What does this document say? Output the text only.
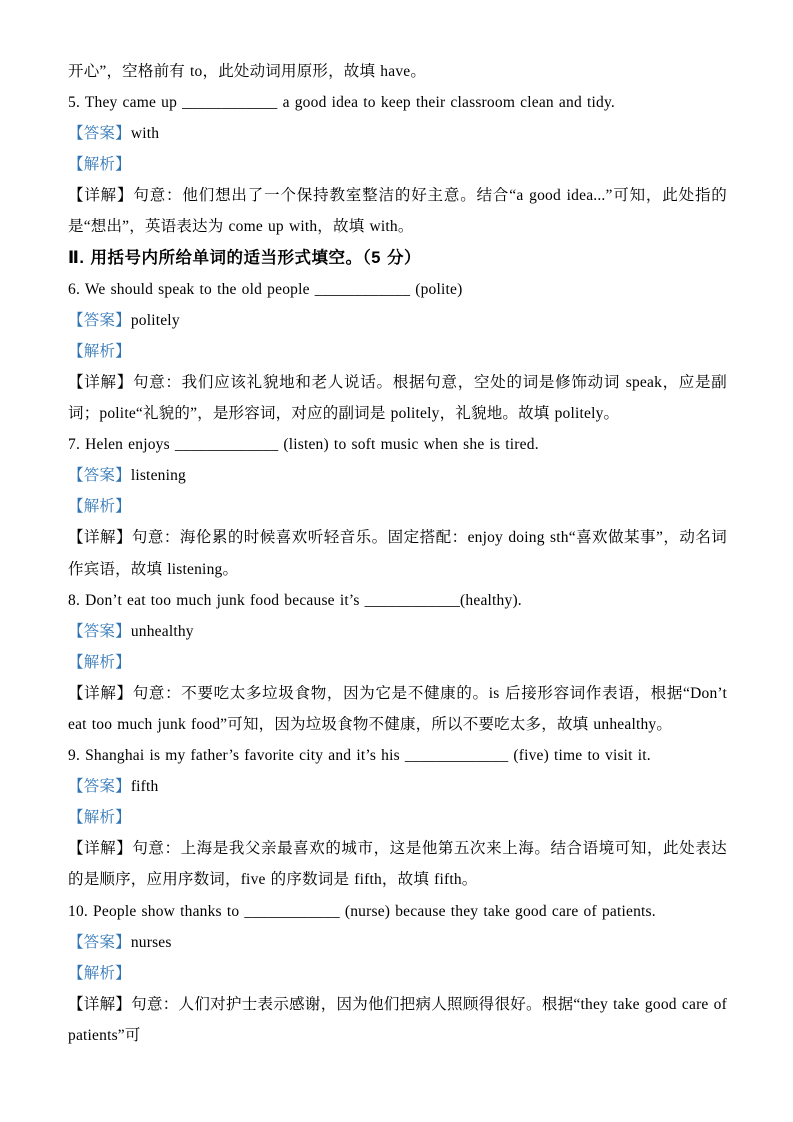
开心”，空格前有 to，此处动词用原形，故填 have。

5. They came up ____________ a good idea to keep their classroom clean and tidy.

【答案】with

【解析】

【详解】句意：他们想出了一个保持教室整洁的好主意。结合“a good idea...”可知，此处指的是“想出”，英语表达为 come up with，故填 with。

Ⅱ. 用括号内所给单词的适当形式填空。（5 分）

6. We should speak to the old people ____________ (polite)

【答案】politely

【解析】

【详解】句意：我们应该礼貌地和老人说话。根据句意，空处的词是修饰动词 speak，应是副词；polite“礼貌的”，是形容词，对应的副词是 politely，礼貌地。故填 politely。

7. Helen enjoys _____________ (listen) to soft music when she is tired.

【答案】listening

【解析】

【详解】句意：海伦累的时候喜欢听轻音乐。固定搭配：enjoy doing sth“喜欢做某事”，动名词作宾语，故填 listening。

8. Don’t eat too much junk food because it’s ____________(healthy).

【答案】unhealthy

【解析】

【详解】句意：不要吃太多垃圾食物，因为它是不健康的。is 后接形容词作表语，根据“Don’t eat too much junk food”可知，因为垃圾食物不健康，所以不要吃太多，故填 unhealthy。

9. Shanghai is my father’s favorite city and it’s his _____________ (five) time to visit it.

【答案】fifth

【解析】

【详解】句意：上海是我父亲最喜欢的城市，这是他第五次来上海。结合语境可知，此处表达的是顺序，应用序数词，five 的序数词是 fifth，故填 fifth。

10. People show thanks to ____________ (nurse) because they take good care of patients.

【答案】nurses

【解析】

【详解】句意：人们对护士表示感谢，因为他们把病人照顾得很好。根据“they take good care of patients”可
